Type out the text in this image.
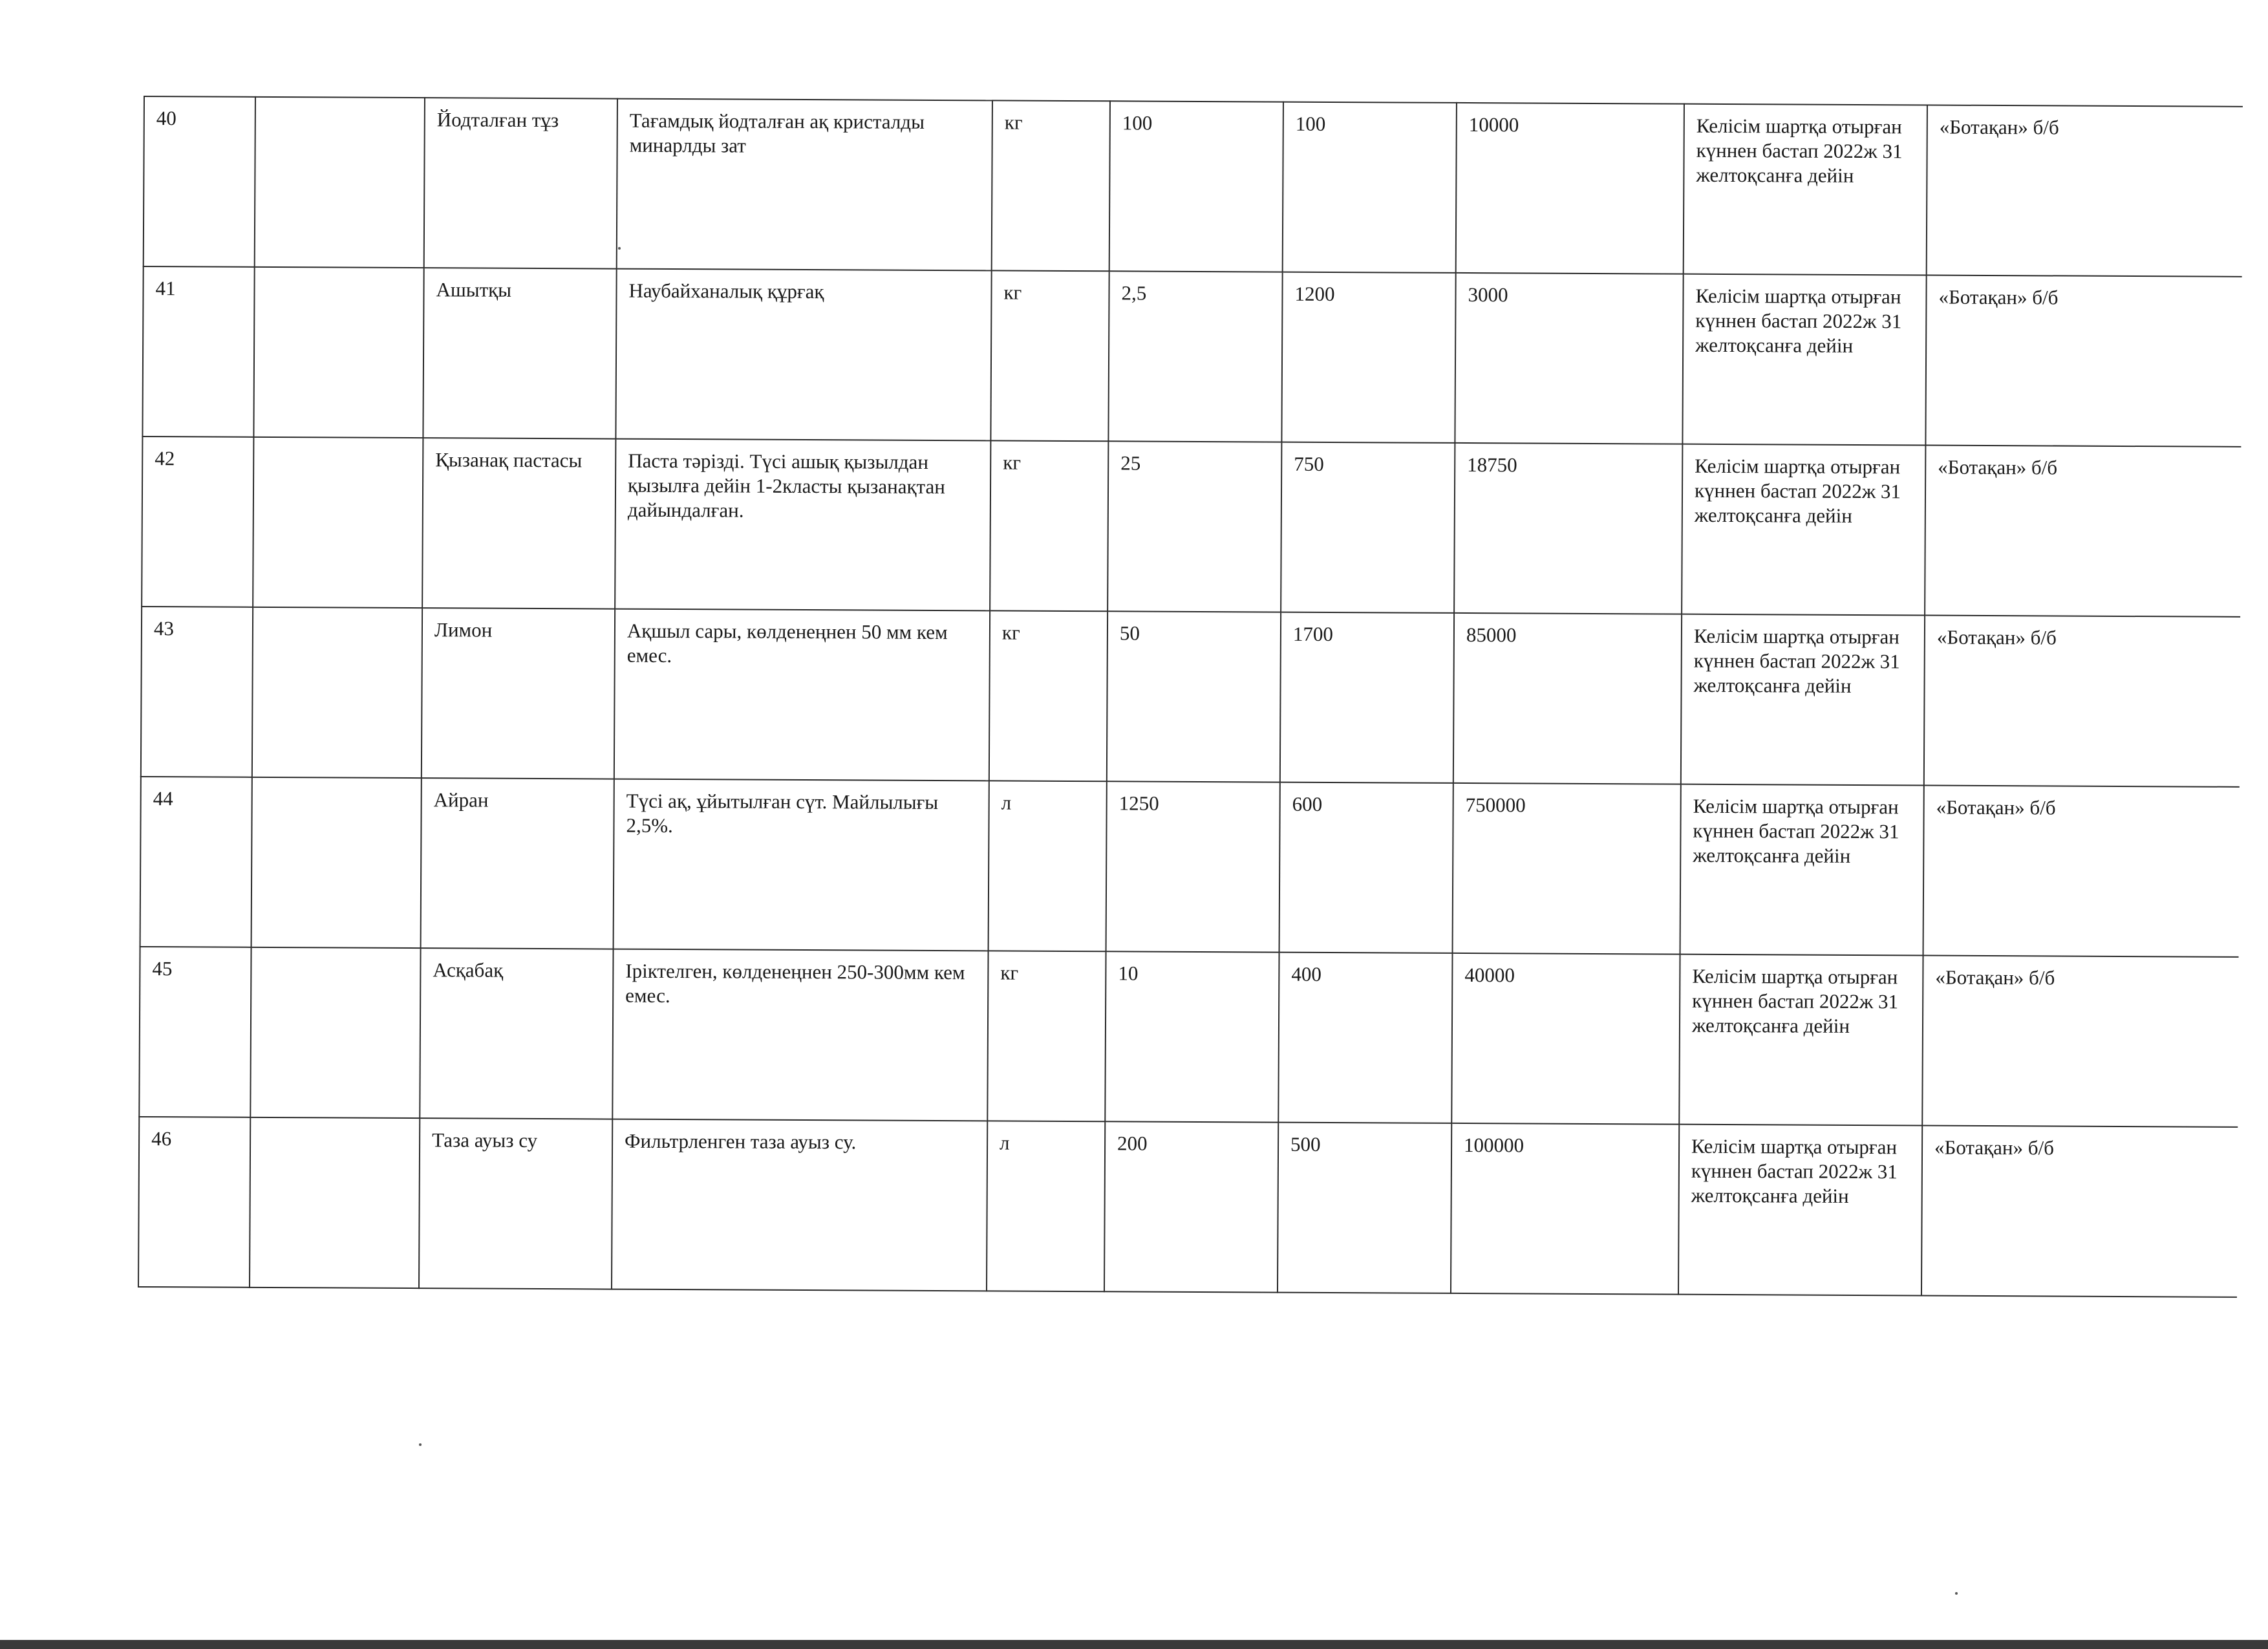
40		Йодталған тұз	Тағамдық йодталған ақ кристалды минарлды зат	кг	100	100	10000	Келісім шартқа отырған күннен бастап 2022ж 31 желтоқсанға дейін	«Ботақан» б/б
41		Ашытқы	Наубайханалық құрғақ	кг	2,5	1200	3000	Келісім шартқа отырған күннен бастап 2022ж 31 желтоқсанға дейін	«Ботақан» б/б
42		Қызанақ пастасы	Паста тәрізді. Түсі ашық қызылдан қызылға дейін 1-2класты қызанақтан дайындалған.	кг	25	750	18750	Келісім шартқа отырған күннен бастап 2022ж 31 желтоқсанға дейін	«Ботақан» б/б
43		Лимон	Ақшыл сары, көлденеңнен 50 мм кем емес.	кг	50	1700	85000	Келісім шартқа отырған күннен бастап 2022ж 31 желтоқсанға дейін	«Ботақан» б/б
44		Айран	Түсі ақ, ұйытылған сүт. Майлылығы 2,5%.	л	1250	600	750000	Келісім шартқа отырған күннен бастап 2022ж 31 желтоқсанға дейін	«Ботақан» б/б
45		Асқабақ	Іріктелген, көлденеңнен 250-300мм кем емес.	кг	10	400	40000	Келісім шартқа отырған күннен бастап 2022ж 31 желтоқсанға дейін	«Ботақан» б/б
46		Таза ауыз су	Фильтрленген таза ауыз су.	л	200	500	100000	Келісім шартқа отырған күннен бастап 2022ж 31 желтоқсанға дейін	«Ботақан» б/б
